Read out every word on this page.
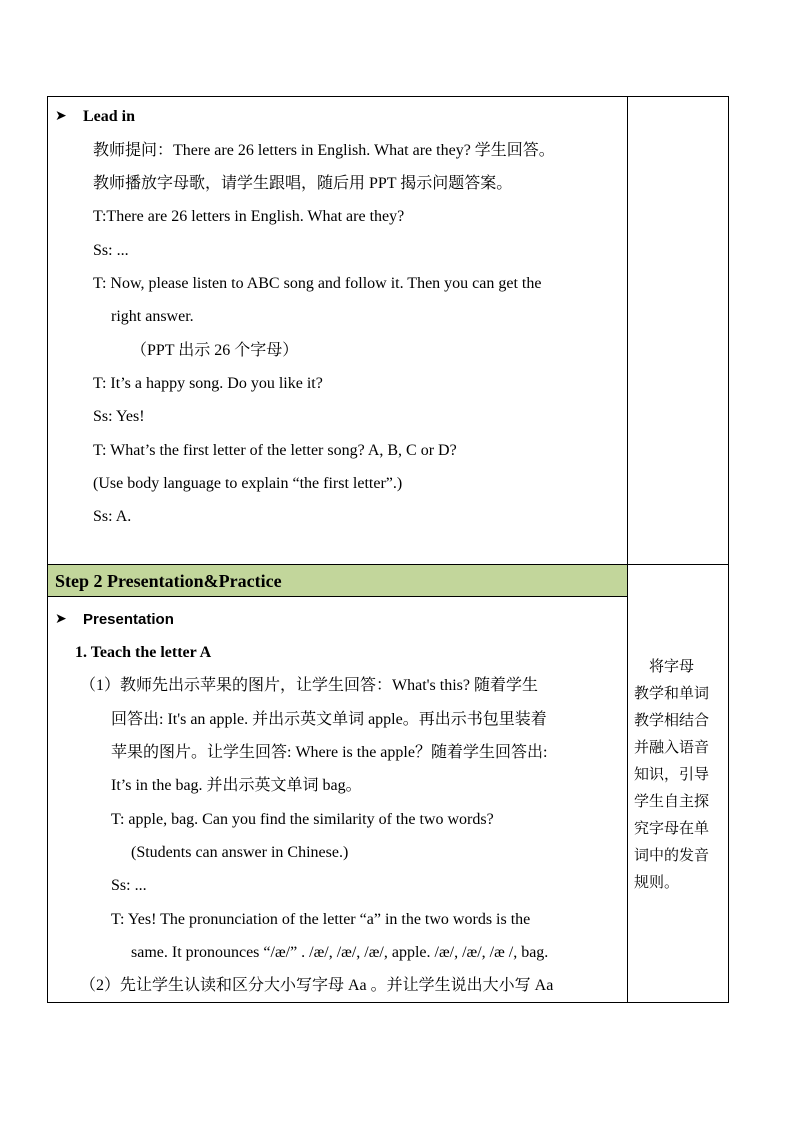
➤ Lead in
教师提问：There are 26 letters in English. What are they? 学生回答。
教师播放字母歌，请学生跟唱，随后用 PPT 揭示问题答案。
T:There are 26 letters in English. What are they?
Ss: ...
T: Now, please listen to ABC song and follow it. Then you can get the
right answer.
（PPT 出示 26 个字母）
T: It’s a happy song. Do you like it?
Ss: Yes!
T: What’s the first letter of the letter song? A, B, C or D?
(Use body language to explain “the first letter”.)
Ss: A.
Step 2 Presentation&Practice
➤ Presentation
1. Teach the letter A
（1）教师先出示苹果的图片，让学生回答：What's this? 随着学生
回答出: It's an apple. 并出示英文单词 apple。再出示书包里装着
苹果的图片。让学生回答: Where is the apple？随着学生回答出:
It’s in the bag. 并出示英文单词 bag。
T: apple, bag. Can you find the similarity of the two words?
(Students can answer in Chinese.)
Ss: ...
T: Yes! The pronunciation of the letter “a” in the two words is the
same. It pronounces “/æ/” . /æ/, /æ/, /æ/, apple. /æ/, /æ/, /æ /, bag.
（2）先让学生认读和区分大小写字母 Aa 。并让学生说出大小写 Aa
　将字母
教学和单词
教学相结合
并融入语音
知识，引导
学生自主探
究字母在单
词中的发音
规则。
